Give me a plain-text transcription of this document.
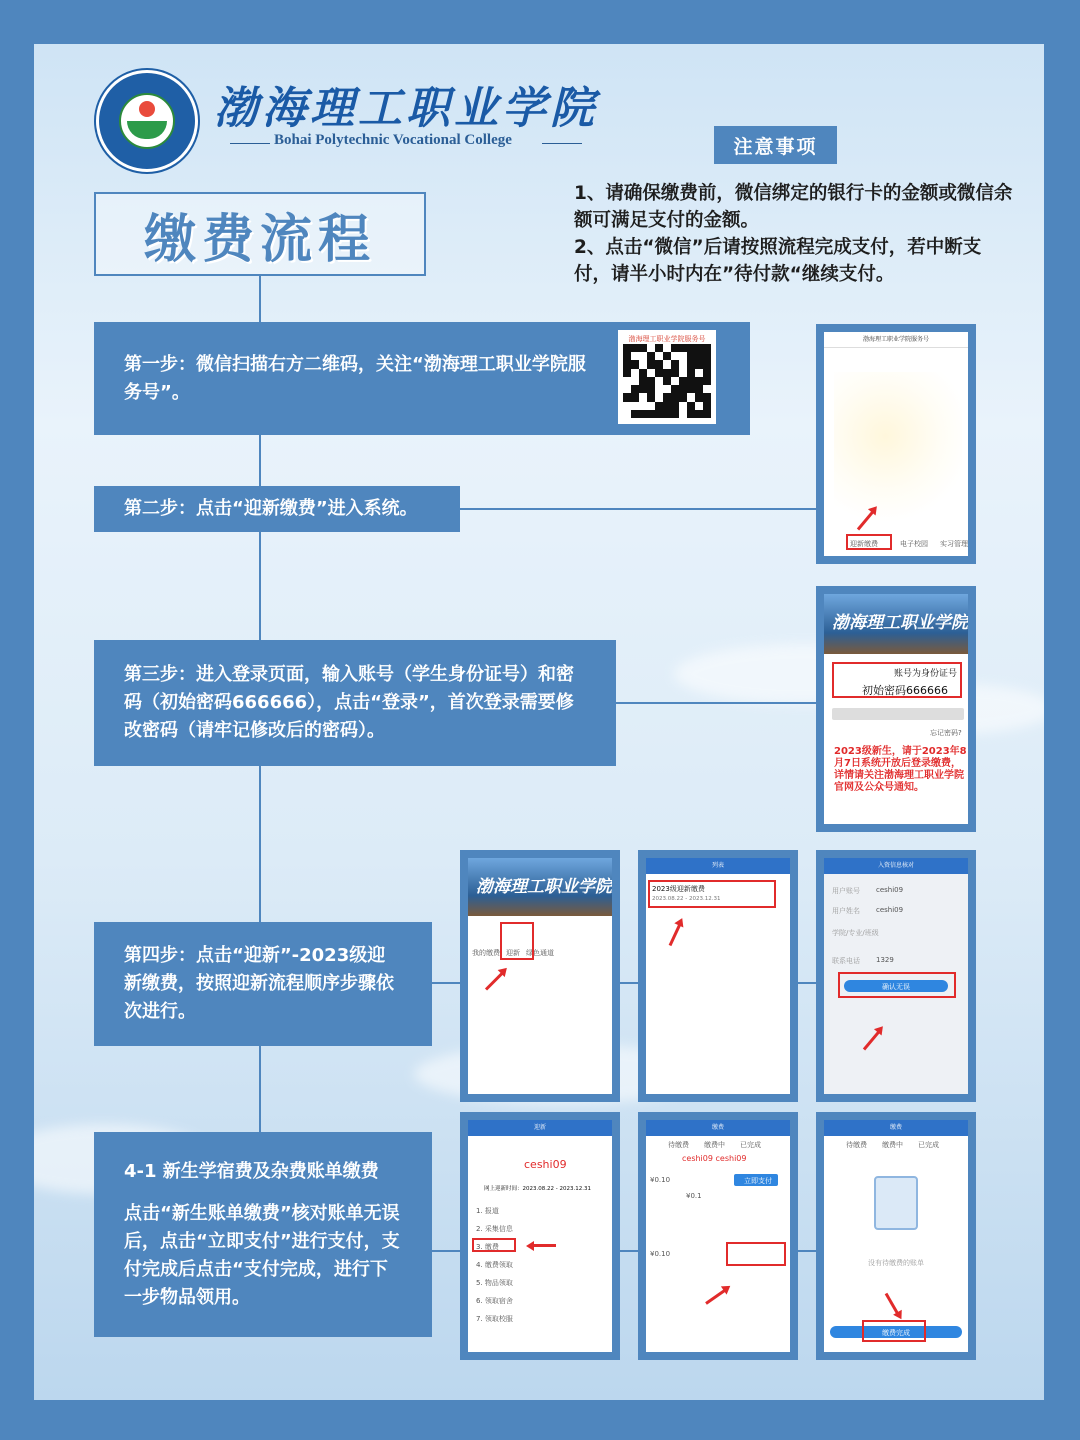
渤海理工职业学院
Bohai Polytechnic Vocational College
缴费流程
注意事项

1、请确保缴费前，微信绑定的银行卡的金额或微信余额可满足支付的金额。

2、点击“微信”后请按照流程完成支付，若中断支付，请半小时内在”待付款“继续支付。

第一步：微信扫描右方二维码，关注“渤海理工职业学院服务号”。

第二步：点击“迎新缴费”进入系统。

第三步：进入登录页面，输入账号（学生身份证号）和密码（初始密码666666），点击“登录”，首次登录需要修改密码（请牢记修改后的密码）。

第四步：点击“迎新”-2023级迎新缴费，按照迎新流程顺序步骤依次进行。

4-1 新生学宿费及杂费账单缴费

点击“新生账单缴费”核对账单无误后，点击“立即支付”进行支付，支付完成后点击“支付完成，进行下一步物品领用。

渤海理工职业学院服务号	渤海理工职业学院服务号
迎新缴费	电子校园 实习管理
渤海理工职业学院
账号为身份证号
初始密码666666
忘记密码?
2023级新生，请于2023年8月7日系统开放后登录缴费，详情请关注渤海理工职业学院官网及公众号通知。
渤海理工职业学院
我的缴费 迎新 绿色通道
列表
2023级迎新缴费
2023.08.22 - 2023.12.31
入资信息核对
用户账号 ceshi09
用户姓名 ceshi09
学院/专业/班级
联系电话 1329
确认无误
迎新
ceshi09
网上迎新时间：2023.08.22 - 2023.12.31
1. 报道
2. 采集信息
3. 缴费
4. 缴费领取
5. 物品领取
6. 领取宿舍
7. 领取校服
缴费
待缴费 缴费中 已完成
ceshi09 ceshi09
¥0.10	立即支付
¥0.1
¥0.10
缴费
待缴费 缴费中 已完成
没有待缴费的账单
缴费完成
